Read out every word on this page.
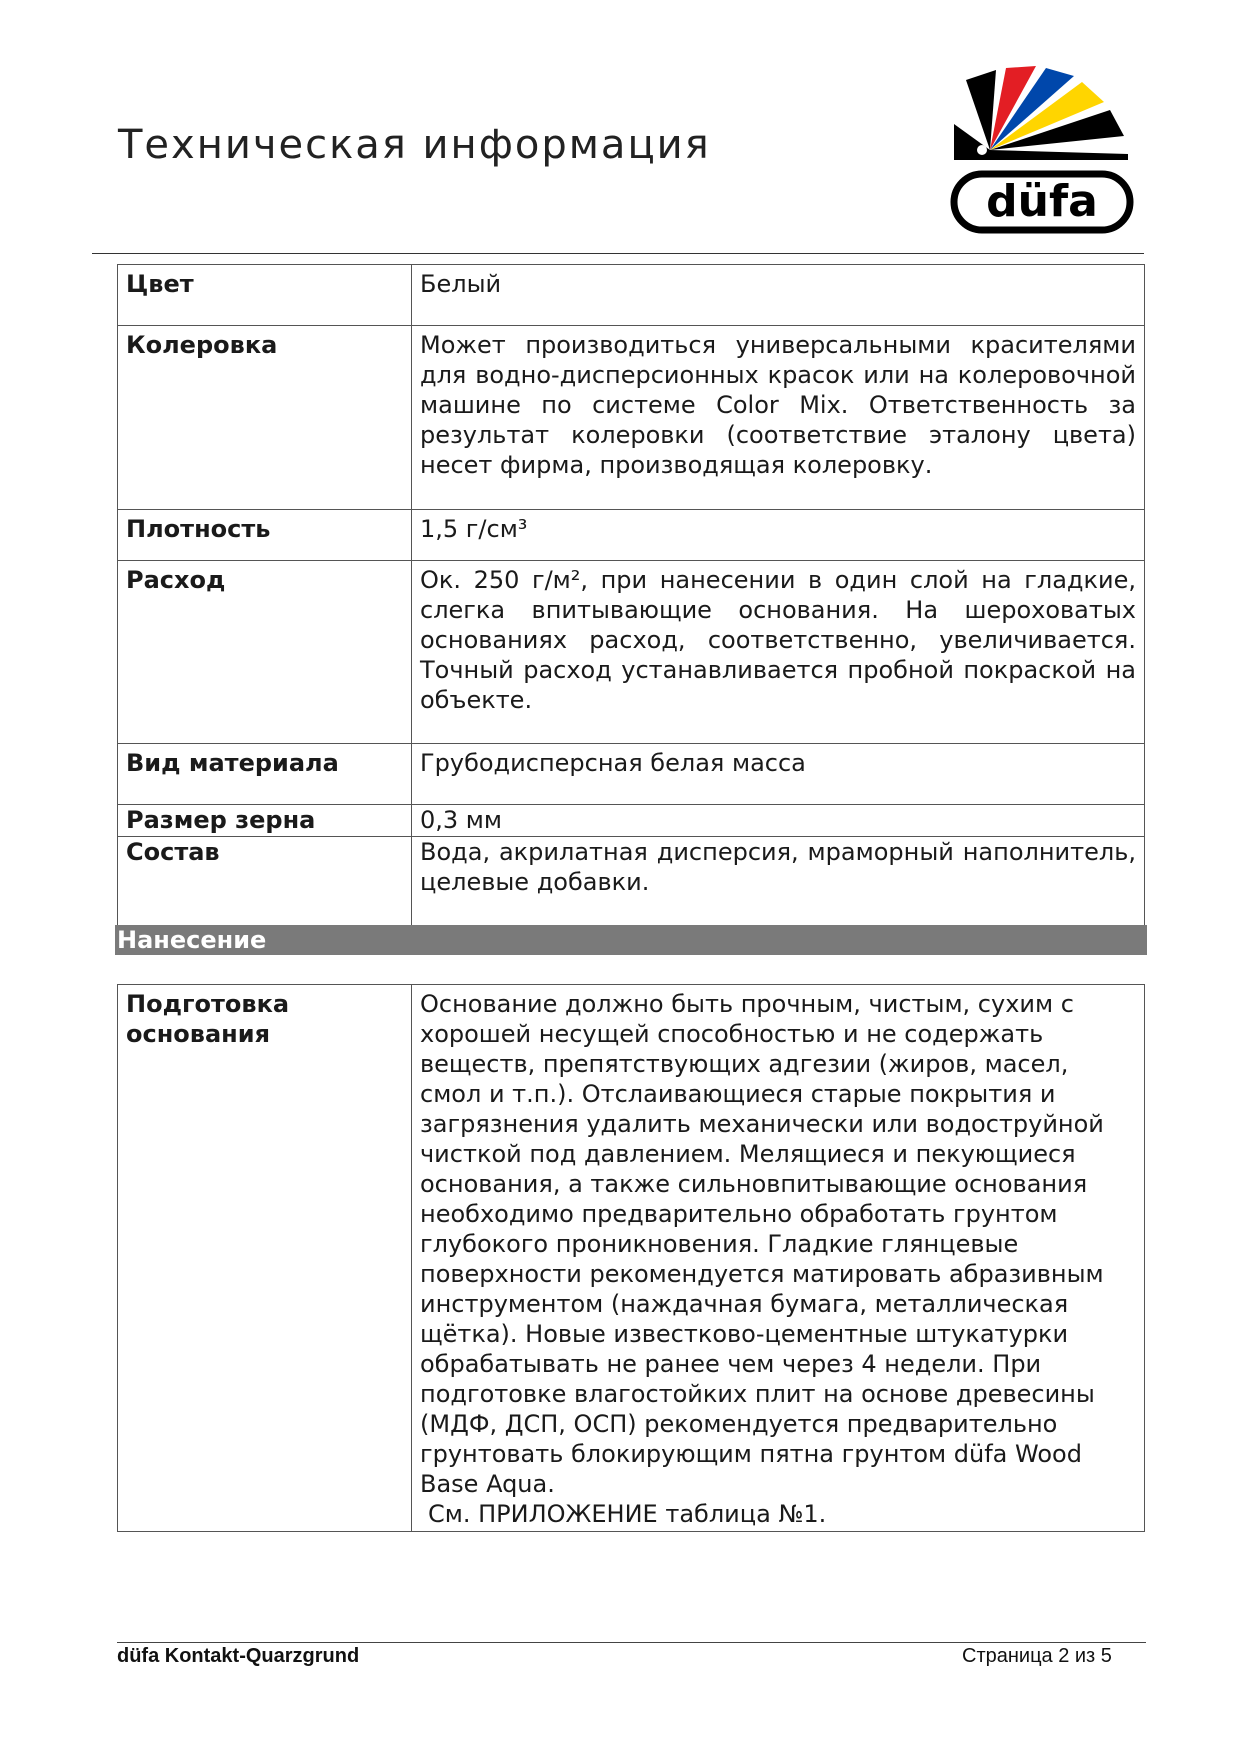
Техническая информация
düfa
Цвет	Белый
Колеровка	Может производиться универсальными красителями для водно-дисперсионных красок или на колеровочной машине по системе Color Mix. Ответственность за результат колеровки (соответствие эталону цвета) несет фирма, производящая колеровку.
Плотность	1,5 г/см³
Расход	Ок. 250 г/м², при нанесении в один слой на гладкие, слегка впитывающие основания. На шероховатых основаниях расход, соответственно, увеличивается. Точный расход устанавливается пробной покраской на объекте.
Вид материала	Грубодисперсная белая масса
Размер зерна	0,3 мм
Состав	Вода, акрилатная дисперсия, мраморный наполнитель, целевые добавки.
Нанесение
Подготовка основания	Основание должно быть прочным, чистым, сухим с хорошей несущей способностью и не содержать веществ, препятствующих адгезии (жиров, масел, смол и т.п.). Отслаивающиеся старые покрытия и загрязнения удалить механически или водоструйной чисткой под давлением. Мелящиеся и пекующиеся основания, а также сильновпитывающие основания необходимо предварительно обработать грунтом глубокого проникновения. Гладкие глянцевые поверхности рекомендуется матировать абразивным инструментом (наждачная бумага, металлическая щётка). Новые известково-цементные штукатурки обрабатывать не ранее чем через 4 недели. При подготовке влагостойких плит на основе древесины (МДФ, ДСП, ОСП) рекомендуется предварительно грунтовать блокирующим пятна грунтом düfa Wood Base Aqua.
См. ПРИЛОЖЕНИЕ таблица №1.
düfa Kontakt-Quarzgrund	Страница 2 из 5
